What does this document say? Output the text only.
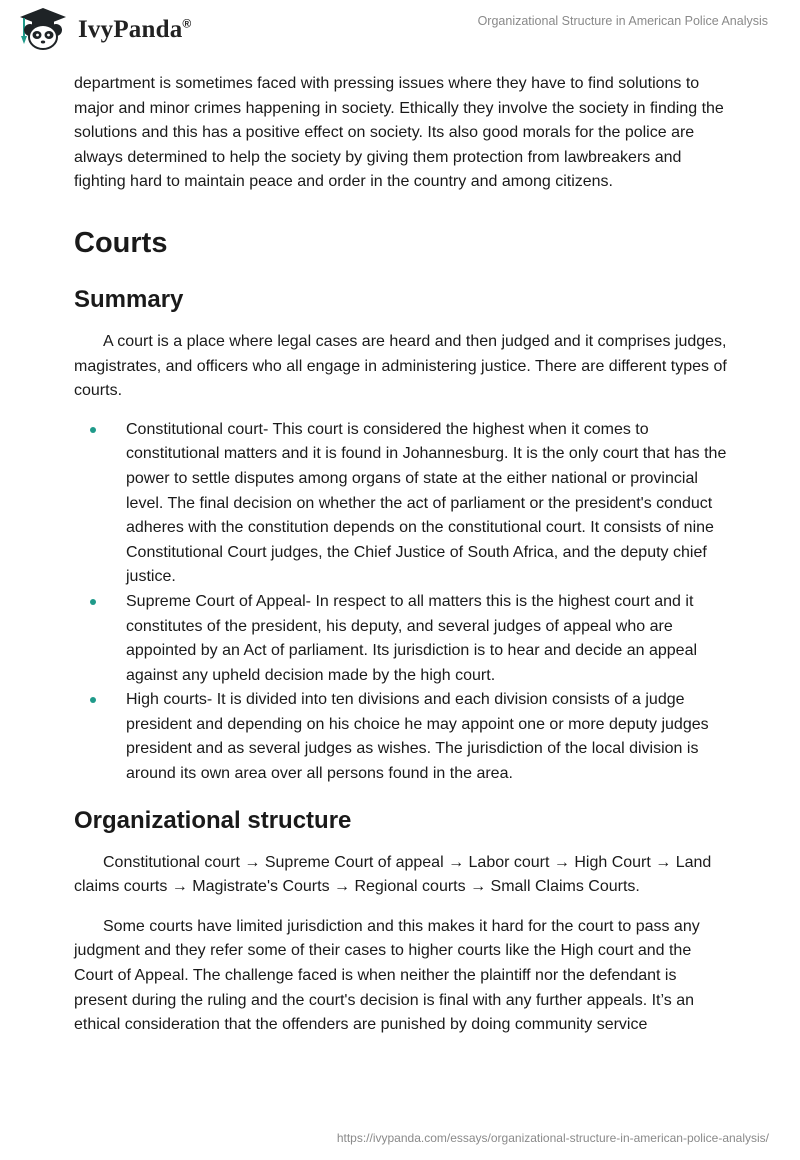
IvyPanda®	Organizational Structure in American Police Analysis

department is sometimes faced with pressing issues where they have to find solutions to major and minor crimes happening in society. Ethically they involve the society in finding the solutions and this has a positive effect on society. Its also good morals for the police are always determined to help the society by giving them protection from lawbreakers and fighting hard to maintain peace and order in the country and among citizens.

Courts
Summary

A court is a place where legal cases are heard and then judged and it comprises judges, magistrates, and officers who all engage in administering justice. There are different types of courts.

Constitutional court- This court is considered the highest when it comes to constitutional matters and it is found in Johannesburg. It is the only court that has the power to settle disputes among organs of state at the either national or provincial level. The final decision on whether the act of parliament or the president's conduct adheres with the constitution depends on the constitutional court. It consists of nine Constitutional Court judges, the Chief Justice of South Africa, and the deputy chief justice.
Supreme Court of Appeal- In respect to all matters this is the highest court and it constitutes of the president, his deputy, and several judges of appeal who are appointed by an Act of parliament. Its jurisdiction is to hear and decide an appeal against any upheld decision made by the high court.
High courts- It is divided into ten divisions and each division consists of a judge president and depending on his choice he may appoint one or more deputy judges president and as several judges as wishes. The jurisdiction of the local division is around its own area over all persons found in the area.
Organizational structure

Constitutional court → Supreme Court of appeal → Labor court → High Court → Land claims courts → Magistrate's Courts → Regional courts → Small Claims Courts.

Some courts have limited jurisdiction and this makes it hard for the court to pass any judgment and they refer some of their cases to higher courts like the High court and the Court of Appeal. The challenge faced is when neither the plaintiff nor the defendant is present during the ruling and the court's decision is final with any further appeals. It’s an ethical consideration that the offenders are punished by doing community service

https://ivypanda.com/essays/organizational-structure-in-american-police-analysis/
